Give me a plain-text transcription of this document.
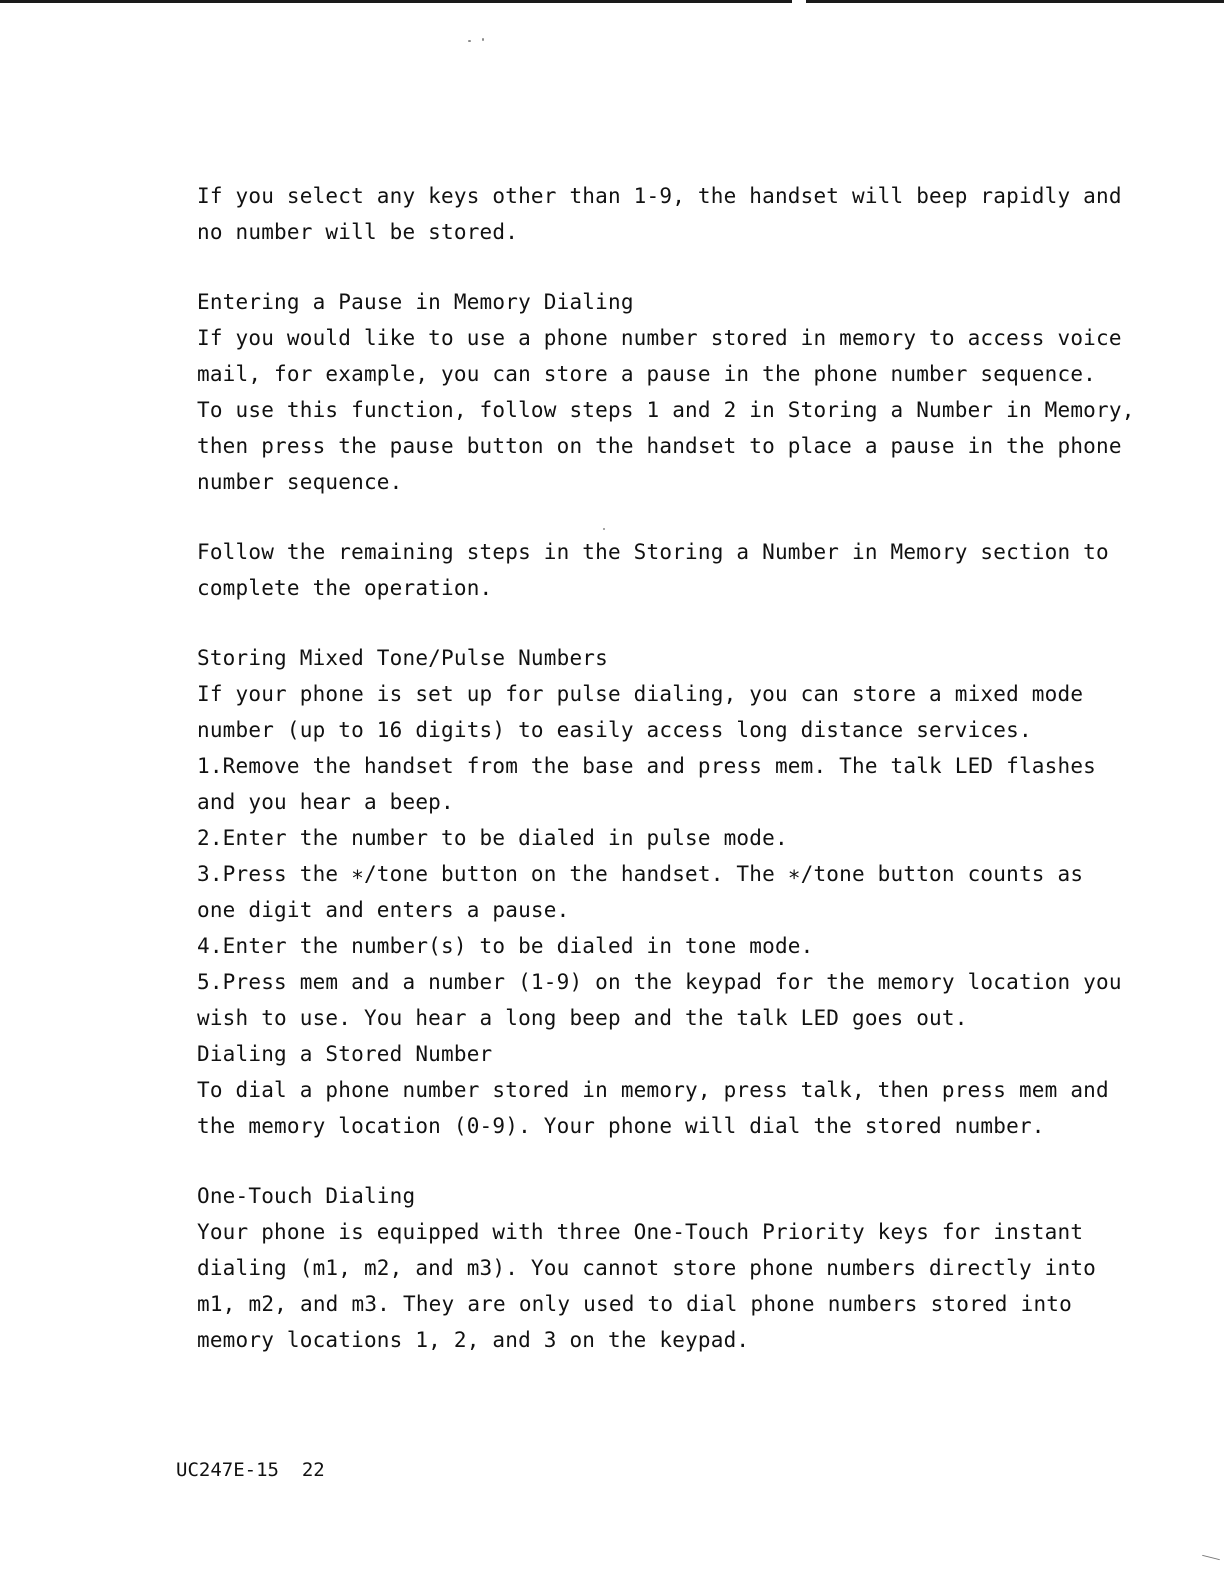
If you select any keys other than 1-9, the handset will beep rapidly and
no number will be stored.
Entering a Pause in Memory Dialing
If you would like to use a phone number stored in memory to access voice
mail, for example, you can store a pause in the phone number sequence.
To use this function, follow steps 1 and 2 in Storing a Number in Memory,
then press the pause button on the handset to place a pause in the phone
number sequence.
Follow the remaining steps in the Storing a Number in Memory section to
complete the operation.
Storing Mixed Tone/Pulse Numbers
If your phone is set up for pulse dialing, you can store a mixed mode
number (up to 16 digits) to easily access long distance services.
1.Remove the handset from the base and press mem. The talk LED flashes
and you hear a beep.
2.Enter the number to be dialed in pulse mode.
3.Press the ∗/tone button on the handset. The ∗/tone button counts as
one digit and enters a pause.
4.Enter the number(s) to be dialed in tone mode.
5.Press mem and a number (1-9) on the keypad for the memory location you
wish to use. You hear a long beep and the talk LED goes out.
Dialing a Stored Number
To dial a phone number stored in memory, press talk, then press mem and
the memory location (0-9). Your phone will dial the stored number.
One-Touch Dialing
Your phone is equipped with three One-Touch Priority keys for instant
dialing (m1, m2, and m3). You cannot store phone numbers directly into
m1, m2, and m3. They are only used to dial phone numbers stored into
memory locations 1, 2, and 3 on the keypad.
UC247E-15 22
